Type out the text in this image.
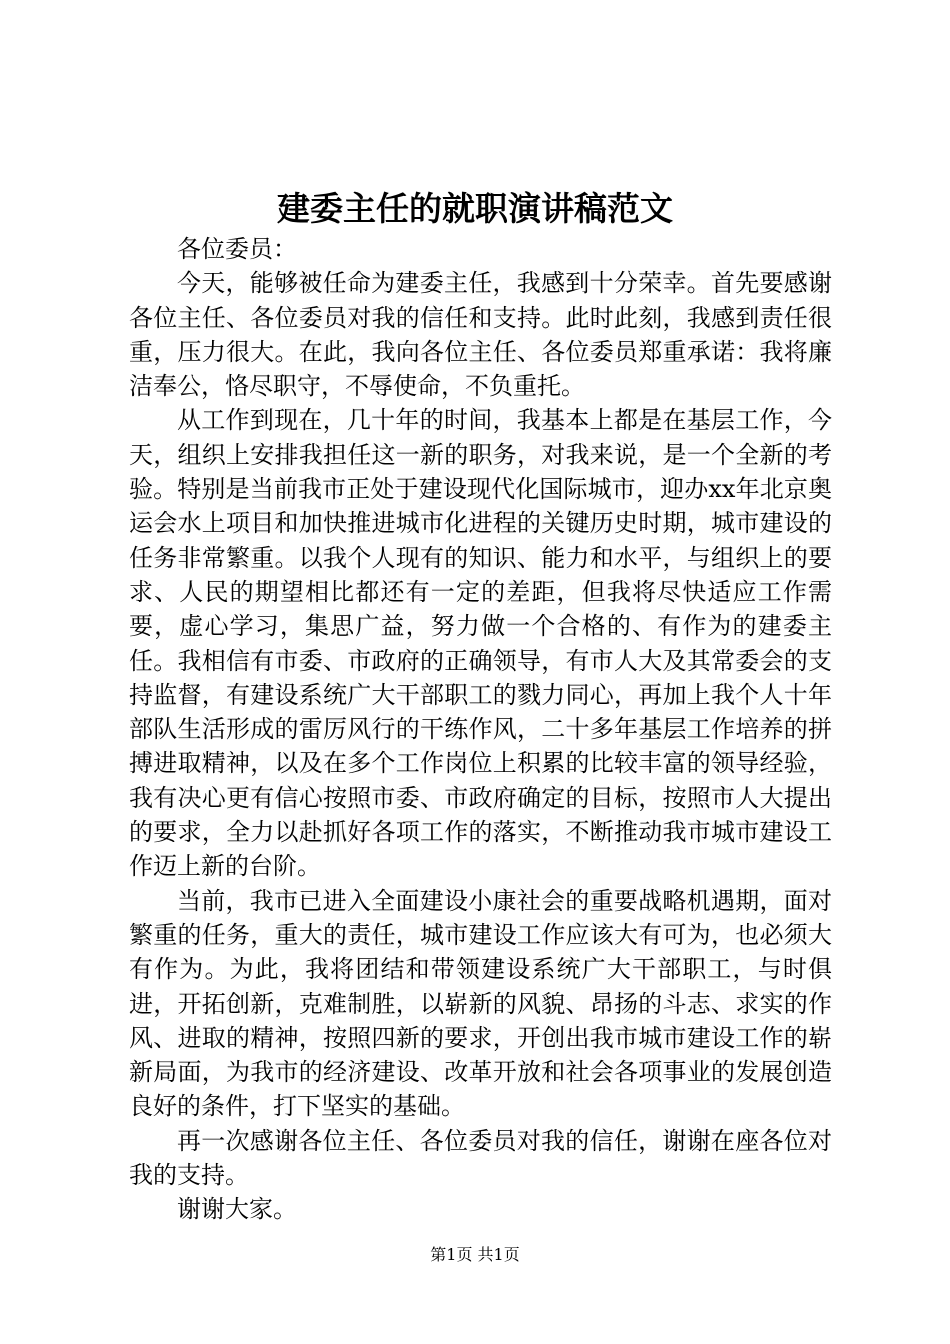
建委主任的就职演讲稿范文

各位委员：

今天，能够被任命为建委主任，我感到十分荣幸。首先要感谢各位主任、各位委员对我的信任和支持。此时此刻，我感到责任很重，压力很大。在此，我向各位主任、各位委员郑重承诺：我将廉洁奉公，恪尽职守，不辱使命，不负重托。

从工作到现在，几十年的时间，我基本上都是在基层工作，今天，组织上安排我担任这一新的职务，对我来说，是一个全新的考验。特别是当前我市正处于建设现代化国际城市，迎办xx年北京奥运会水上项目和加快推进城市化进程的关键历史时期，城市建设的任务非常繁重。以我个人现有的知识、能力和水平，与组织上的要求、人民的期望相比都还有一定的差距，但我将尽快适应工作需要，虚心学习，集思广益，努力做一个合格的、有作为的建委主任。我相信有市委、市政府的正确领导，有市人大及其常委会的支持监督，有建设系统广大干部职工的戮力同心，再加上我个人十年部队生活形成的雷厉风行的干练作风，二十多年基层工作培养的拼搏进取精神，以及在多个工作岗位上积累的比较丰富的领导经验，我有决心更有信心按照市委、市政府确定的目标，按照市人大提出的要求，全力以赴抓好各项工作的落实，不断推动我市城市建设工作迈上新的台阶。

当前，我市已进入全面建设小康社会的重要战略机遇期，面对繁重的任务，重大的责任，城市建设工作应该大有可为，也必须大有作为。为此，我将团结和带领建设系统广大干部职工，与时俱进，开拓创新，克难制胜，以崭新的风貌、昂扬的斗志、求实的作风、进取的精神，按照四新的要求，开创出我市城市建设工作的崭新局面，为我市的经济建设、改革开放和社会各项事业的发展创造良好的条件，打下坚实的基础。

再一次感谢各位主任、各位委员对我的信任，谢谢在座各位对我的支持。

谢谢大家。

第1页 共1页
